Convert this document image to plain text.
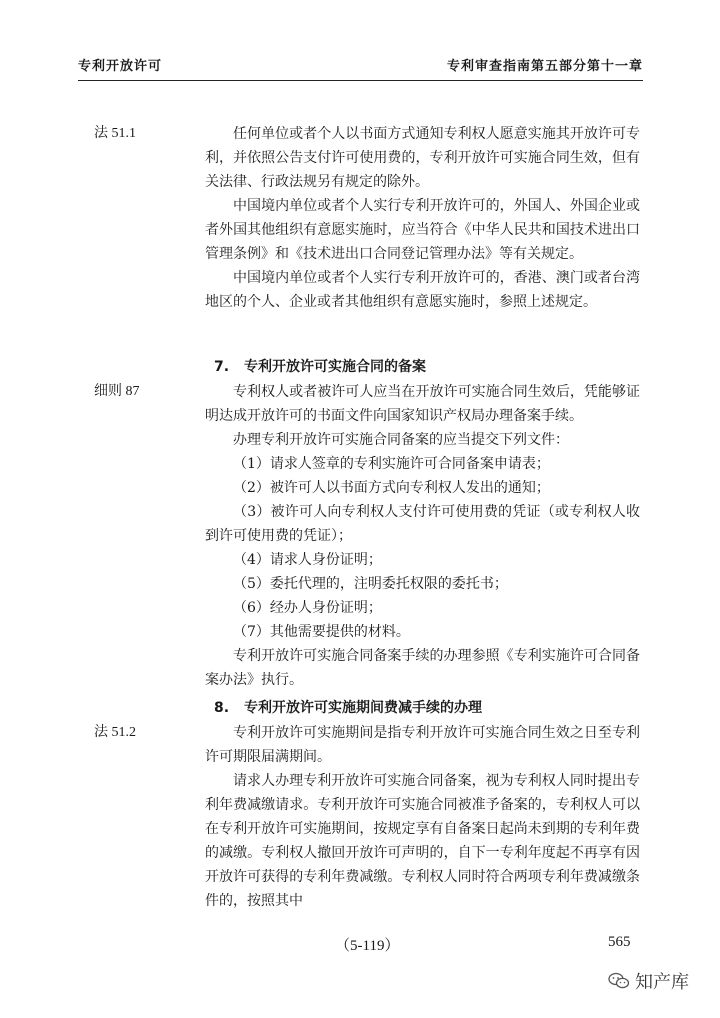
专利开放许可	专利审查指南第五部分第十一章
法 51.1	任何单位或者个人以书面方式通知专利权人愿意实施其开放许可专利，并依照公告支付许可使用费的，专利开放许可实施合同生效，但有关法律、行政法规另有规定的除外。

中国境内单位或者个人实行专利开放许可的，外国人、外国企业或者外国其他组织有意愿实施时，应当符合《中华人民共和国技术进出口管理条例》和《技术进出口合同登记管理办法》等有关规定。

中国境内单位或者个人实行专利开放许可的，香港、澳门或者台湾地区的个人、企业或者其他组织有意愿实施时，参照上述规定。

7. 专利开放许可实施合同的备案
细则 87	专利权人或者被许可人应当在开放许可实施合同生效后，凭能够证明达成开放许可的书面文件向国家知识产权局办理备案手续。

办理专利开放许可实施合同备案的应当提交下列文件：

（1）请求人签章的专利实施许可合同备案申请表；

（2）被许可人以书面方式向专利权人发出的通知；

（3）被许可人向专利权人支付许可使用费的凭证（或专利权人收到许可使用费的凭证）；

（4）请求人身份证明；

（5）委托代理的，注明委托权限的委托书；

（6）经办人身份证明；

（7）其他需要提供的材料。

专利开放许可实施合同备案手续的办理参照《专利实施许可合同备案办法》执行。

8. 专利开放许可实施期间费减手续的办理
法 51.2	专利开放许可实施期间是指专利开放许可实施合同生效之日至专利许可期限届满期间。

请求人办理专利开放许可实施合同备案，视为专利权人同时提出专利年费减缴请求。专利开放许可实施合同被准予备案的，专利权人可以在专利开放许可实施期间，按规定享有自备案日起尚未到期的专利年费的减缴。专利权人撤回开放许可声明的，自下一专利年度起不再享有因开放许可获得的专利年费减缴。专利权人同时符合两项专利年费减缴条件的，按照其中

（5-119）	565
知产库
